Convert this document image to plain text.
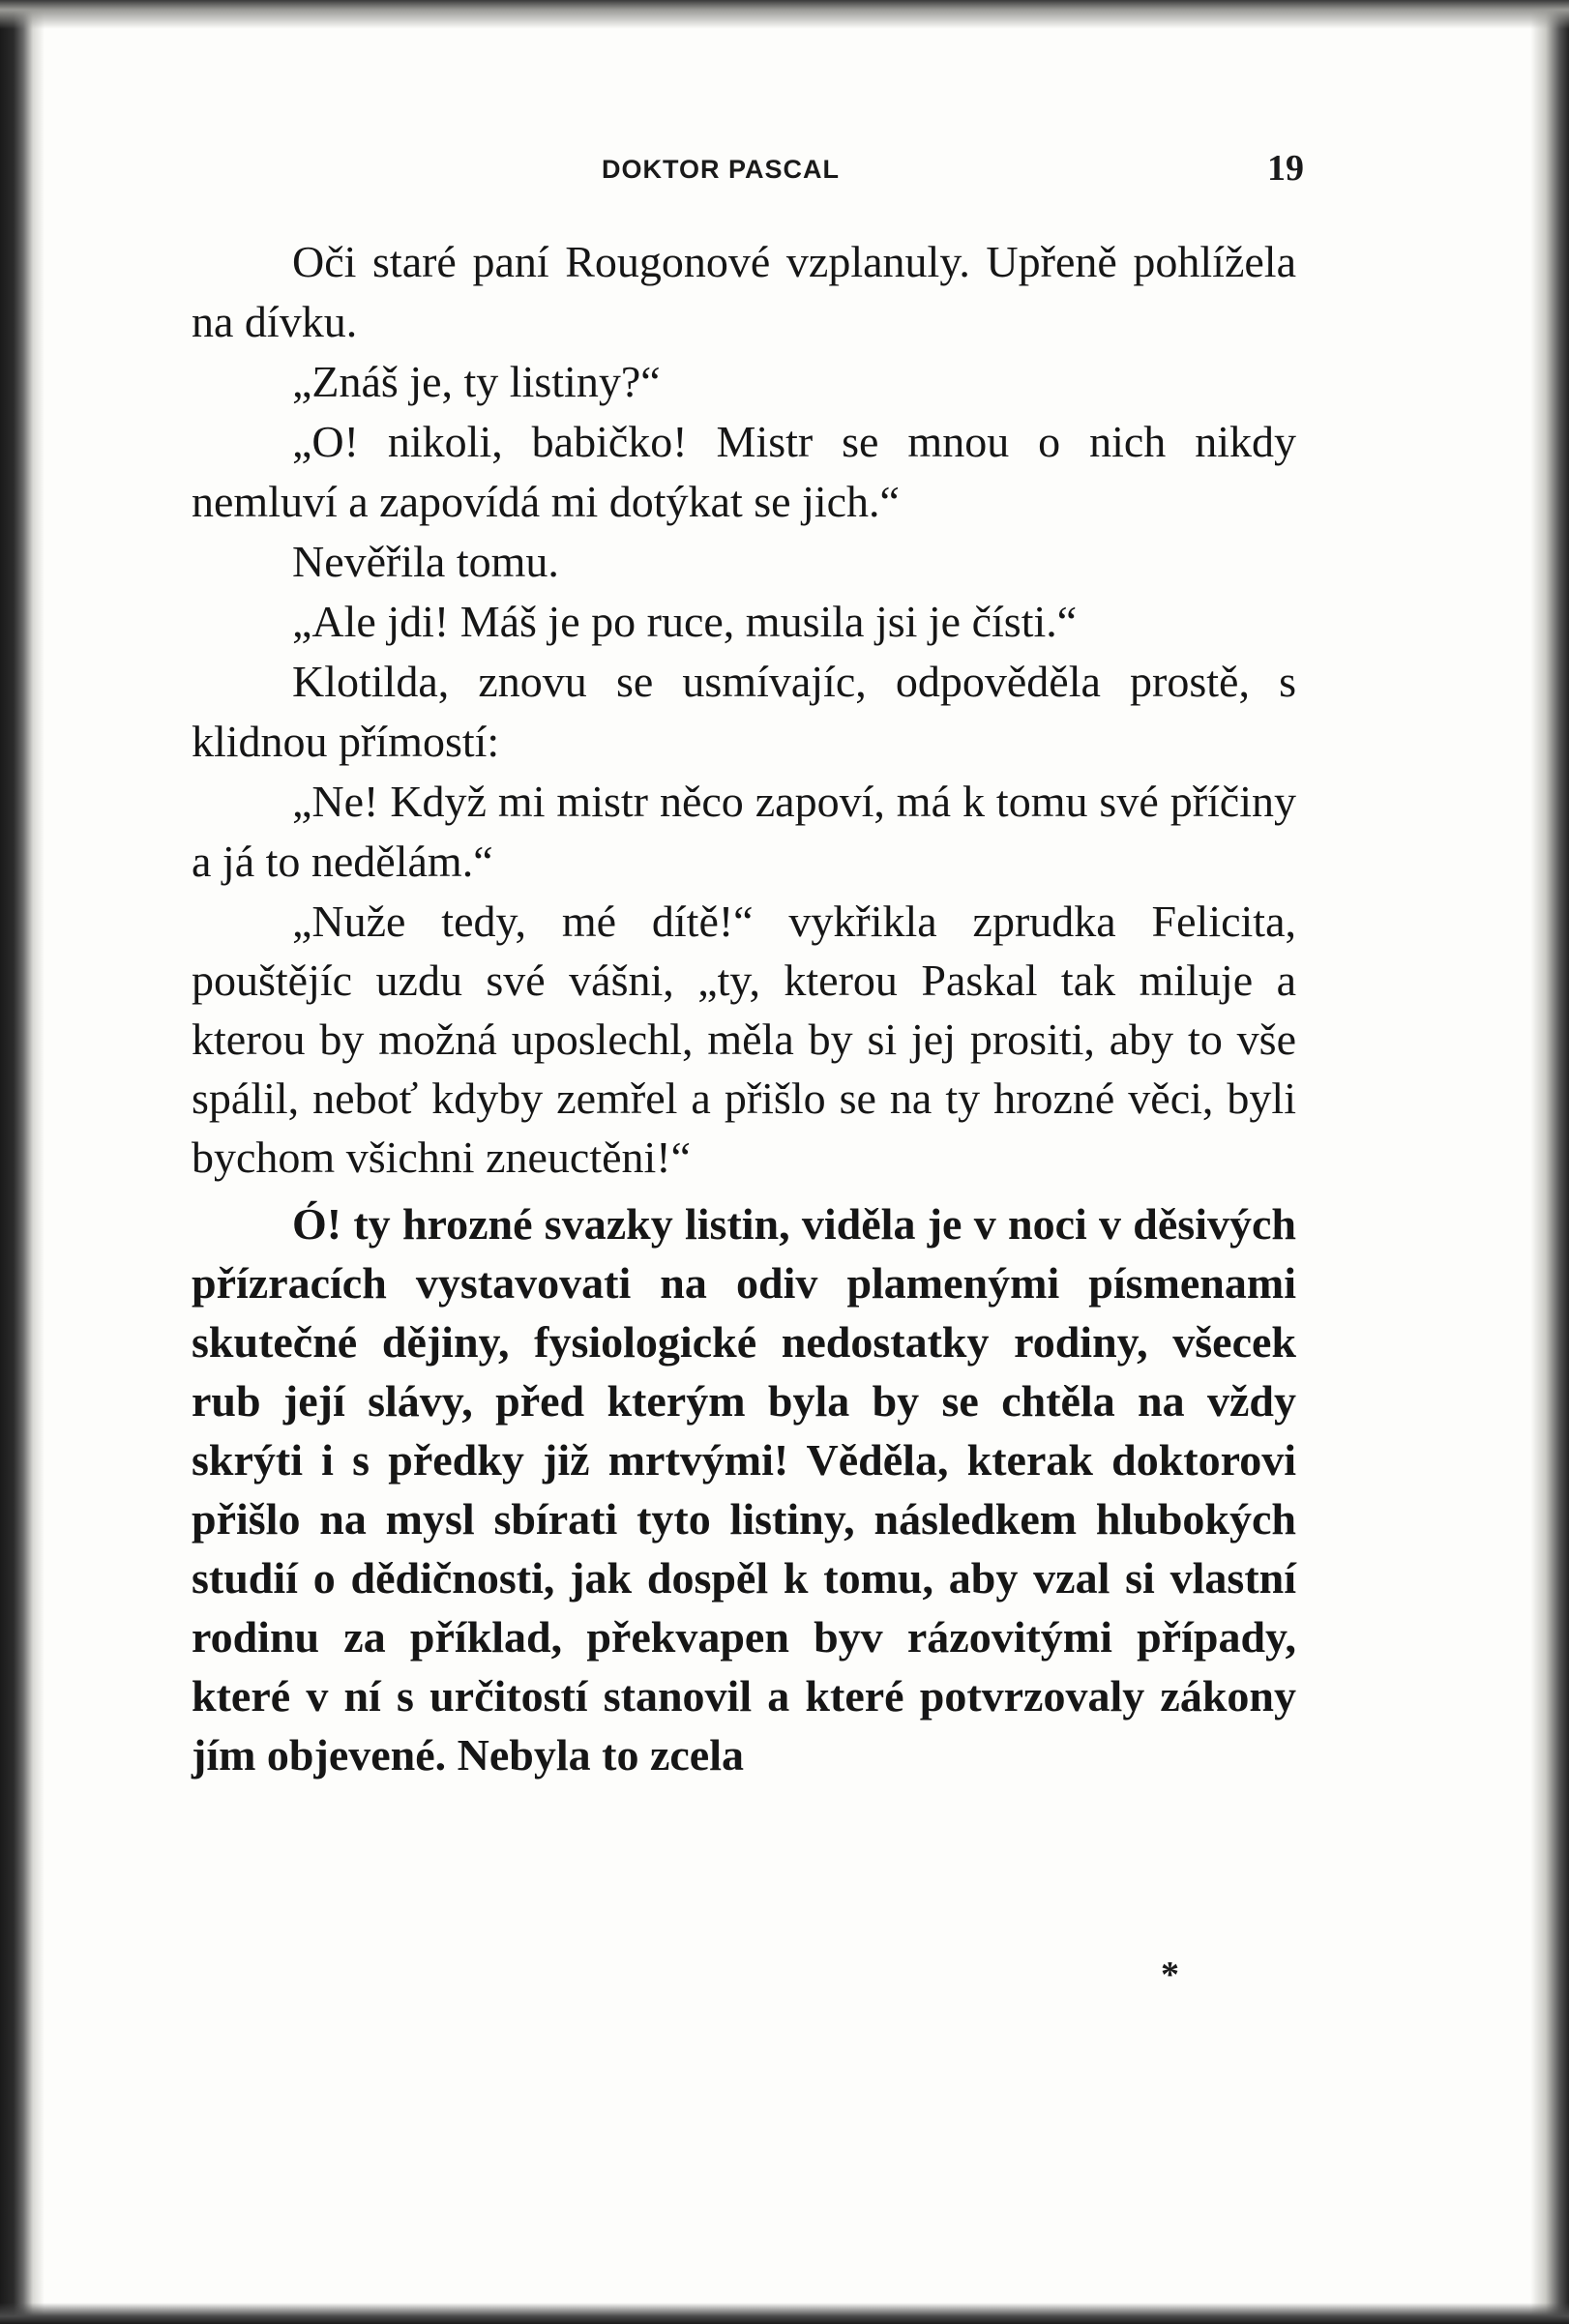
DOKTOR PASCAL	19

Oči staré paní Rougonové vzplanuly. Upřeně pohlížela na dívku.

„Znáš je, ty listiny?“

„O! nikoli, babičko! Mistr se mnou o nich nikdy nemluví a zapovídá mi dotýkat se jich.“

Nevěřila tomu.

„Ale jdi! Máš je po ruce, musila jsi je čísti.“

Klotilda, znovu se usmívajíc, odpověděla prostě, s klidnou přímostí:

„Ne! Když mi mistr něco zapoví, má k tomu své příčiny a já to nedělám.“

„Nuže tedy, mé dítě!“ vykřikla zprudka Felicita, pouštějíc uzdu své vášni, „ty, kterou Paskal tak miluje a kterou by možná uposlechl, měla by si jej prositi, aby to vše spálil, neboť kdyby zemřel a přišlo se na ty hrozné věci, byli bychom všichni zneuctěni!“

Ó! ty hrozné svazky listin, viděla je v noci v děsivých přízracích vystavovati na odiv plamenými písmenami skutečné dějiny, fysiologické nedostatky rodiny, všecek rub její slávy, před kterým byla by se chtěla na vždy skrýti i s předky již mrtvými! Věděla, kterak doktorovi přišlo na mysl sbírati tyto listiny, následkem hlubokých studií o dědičnosti, jak dospěl k tomu, aby vzal si vlastní rodinu za příklad, překvapen byv rázovitými případy, které v ní s určitostí stanovil a které potvrzovaly zákony jím objevené. Nebyla to zcela

*
